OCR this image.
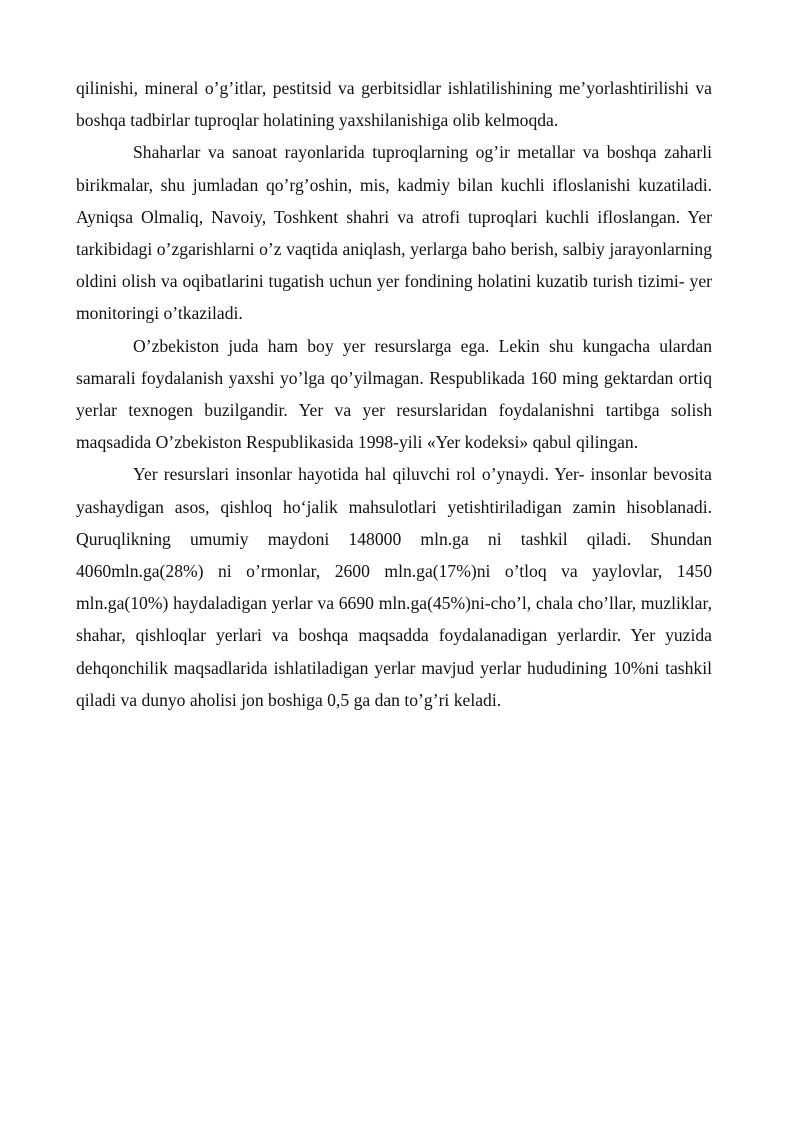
qilinishi, mineral o’g’itlar, pestitsid va gerbitsidlar ishlatilishining me’yorlashtirilishi va boshqa tadbirlar tuproqlar holatining yaxshilanishiga olib kelmoqda.

Shaharlar va sanoat rayonlarida tuproqlarning og’ir metallar va boshqa zaharli birikmalar, shu jumladan qo’rg’oshin, mis, kadmiy bilan kuchli ifloslanishi kuzatiladi. Ayniqsa Olmaliq, Navoiy, Toshkent shahri va atrofi tuproqlari kuchli ifloslangan. Yer tarkibidagi o’zgarishlarni o’z vaqtida aniqlash, yerlarga baho berish, salbiy jarayonlarning oldini olish va oqibatlarini tugatish uchun yer fondining holatini kuzatib turish tizimi- yer monitoringi o’tkaziladi.

O’zbekiston juda ham boy yer resurslarga ega. Lekin shu kungacha ulardan samarali foydalanish yaxshi yo’lga qo’yilmagan. Respublikada 160 ming gektardan ortiq yerlar texnogen buzilgandir. Yer va yer resurslaridan foydalanishni tartibga solish maqsadida O’zbekiston Respublikasida 1998-yili «Yer kodeksi» qabul qilingan.

Yer resurslari insonlar hayotida hal qiluvchi rol o’ynaydi. Yer- insonlar bevosita yashaydigan asos, qishloq ho‘jalik mahsulotlari yetishtiriladigan zamin hisoblanadi. Quruqlikning umumiy maydoni 148000 mln.ga ni tashkil qiladi. Shundan 4060mln.ga(28%) ni o’rmonlar, 2600 mln.ga(17%)ni o’tloq va yaylovlar, 1450 mln.ga(10%) haydaladigan yerlar va 6690 mln.ga(45%)ni-cho’l, chala cho’llar, muzliklar, shahar, qishloqlar yerlari va boshqa maqsadda foydalanadigan yerlardir. Yer yuzida dehqonchilik maqsadlarida ishlatiladigan yerlar mavjud yerlar hududining 10%ni tashkil qiladi va dunyo aholisi jon boshiga 0,5 ga dan to’g’ri keladi.
